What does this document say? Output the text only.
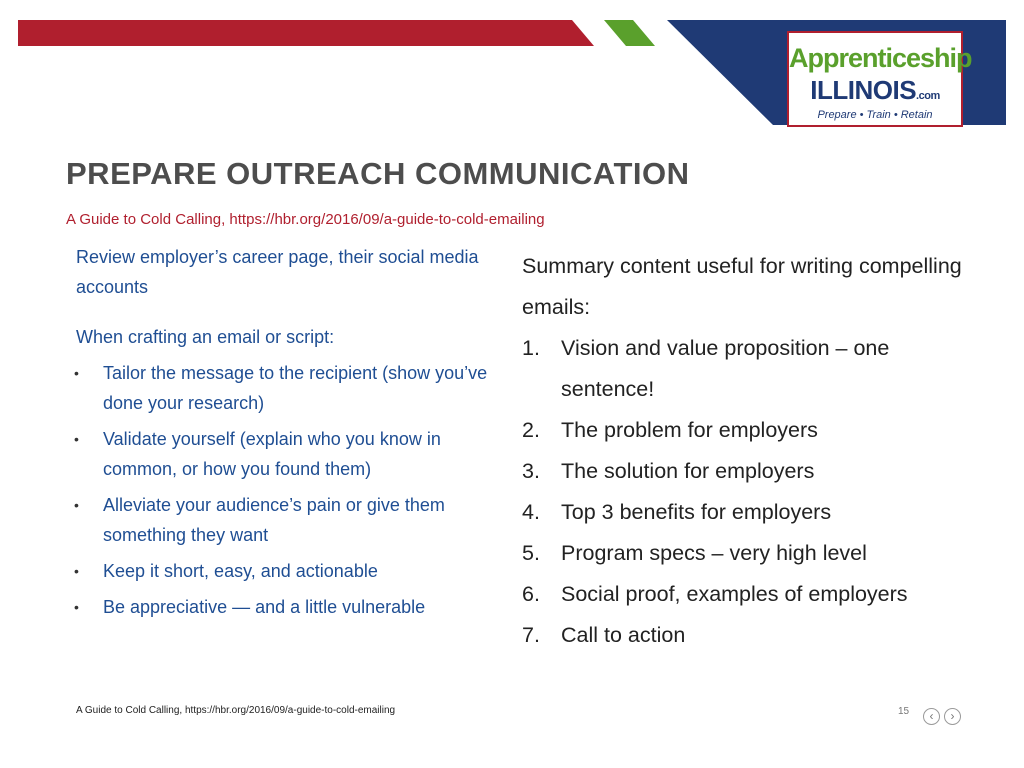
Apprenticeship
ILLINOIS.com
Prepare • Train • Retain
PREPARE OUTREACH COMMUNICATION
A Guide to Cold Calling, https://hbr.org/2016/09/a-guide-to-cold-emailing

Review employer’s career page, their social media accounts

When crafting an email or script:

• Tailor the message to the recipient (show you’ve done your research)
• Validate yourself (explain who you know in common, or how you found them)
• Alleviate your audience’s pain or give them something they want
• Keep it short, easy, and actionable
• Be appreciative — and a little vulnerable

Summary content useful for writing compelling emails:

1. Vision and value proposition – one sentence!
2. The problem for employers
3. The solution for employers
4. Top 3 benefits for employers
5. Program specs – very high level
6. Social proof, examples of employers
7. Call to action
A Guide to Cold Calling, https://hbr.org/2016/09/a-guide-to-cold-emailing	15	‹	›
